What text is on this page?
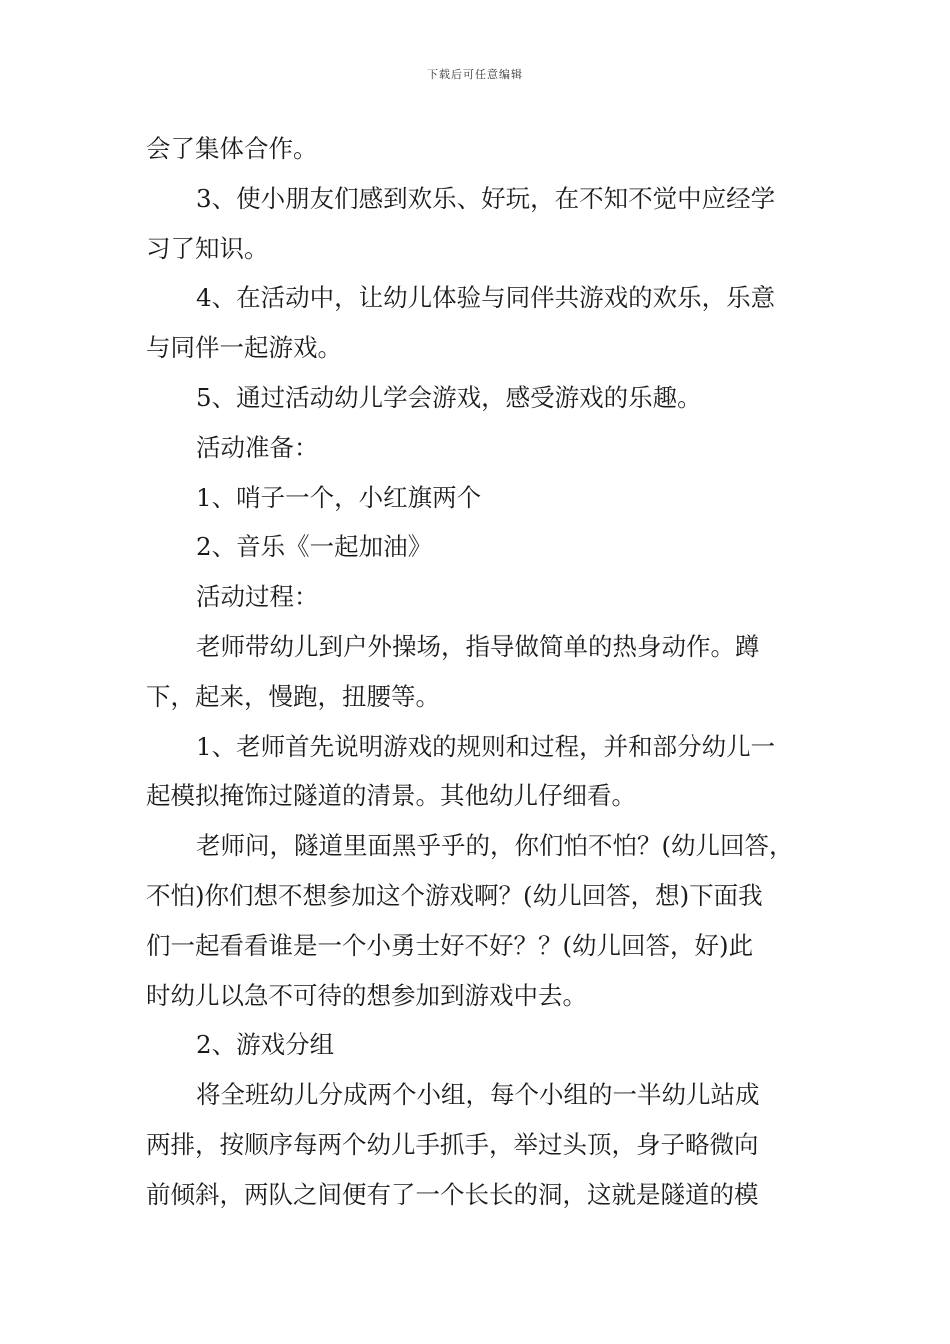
下载后可任意编辑
会了集体合作。
3、使小朋友们感到欢乐、好玩，在不知不觉中应经学
习了知识。
4、在活动中，让幼儿体验与同伴共游戏的欢乐，乐意
与同伴一起游戏。
5、通过活动幼儿学会游戏，感受游戏的乐趣。
活动准备：
1、哨子一个，小红旗两个
2、音乐《一起加油》
活动过程：
老师带幼儿到户外操场，指导做简单的热身动作。蹲
下，起来，慢跑，扭腰等。
1、老师首先说明游戏的规则和过程，并和部分幼儿一
起模拟掩饰过隧道的清景。其他幼儿仔细看。
老师问，隧道里面黑乎乎的，你们怕不怕？(幼儿回答，
不怕)你们想不想参加这个游戏啊？(幼儿回答，想)下面我
们一起看看谁是一个小勇士好不好？？(幼儿回答，好)此
时幼儿以急不可待的想参加到游戏中去。
2、游戏分组
将全班幼儿分成两个小组，每个小组的一半幼儿站成
两排，按顺序每两个幼儿手抓手，举过头顶，身子略微向
前倾斜，两队之间便有了一个长长的洞，这就是隧道的模
